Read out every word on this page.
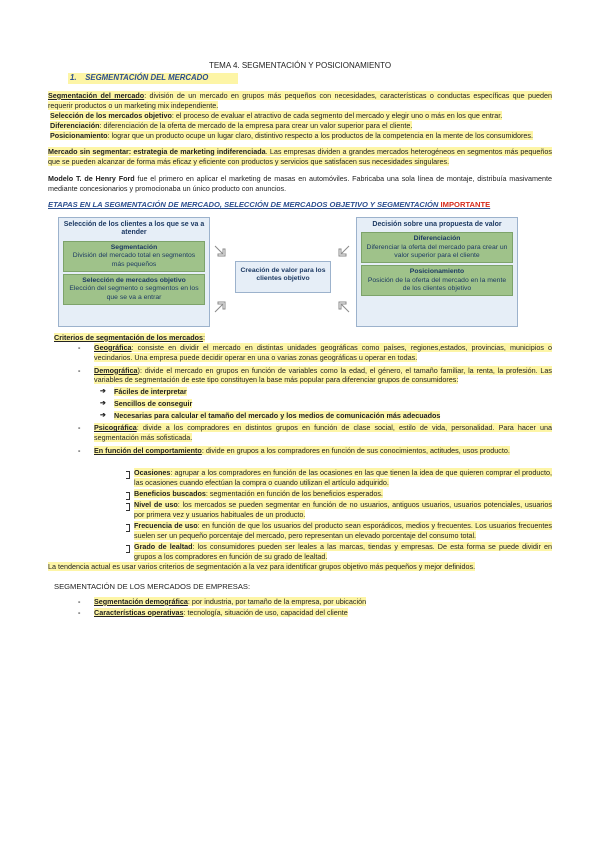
TEMA 4. SEGMENTACIÓN Y POSICIONAMIENTO
1. SEGMENTACIÓN DEL MERCADO

Segmentación del mercado: división de un mercado en grupos más pequeños con necesidades, características o conductas específicas que pueden requerir productos o un marketing mix independiente.

Selección de los mercados objetivo: el proceso de evaluar el atractivo de cada segmento del mercado y elegir uno o más en los que entrar.

Diferenciación: diferenciación de la oferta de mercado de la empresa para crear un valor superior para el cliente.

Posicionamiento: lograr que un producto ocupe un lugar claro, distintivo respecto a los productos de la competencia en la mente de los consumidores.

Mercado sin segmentar: estrategia de marketing indiferenciada. Las empresas dividen a grandes mercados heterogéneos en segmentos más pequeños que se pueden alcanzar de forma más eficaz y eficiente con productos y servicios que satisfacen sus necesidades singulares.

Modelo T. de Henry Ford fue el primero en aplicar el marketing de masas en automóviles. Fabricaba una sola línea de montaje, distribuía masivamente mediante concesionarios y promocionaba un único producto con anuncios.

ETAPAS EN LA SEGMENTACIÓN DE MERCADO, SELECCIÓN DE MERCADOS OBJETIVO Y SEGMENTACIÓN IMPORTANTE
Selección de los clientes a los que se va a atender
Segmentación
División del mercado total en segmentos más pequeños
Selección de mercados objetivo
Elección del segmento o segmentos en los que se va a entrar
Creación de valor para los clientes objetivo
Decisión sobre una propuesta de valor
Diferenciación
Diferenciar la oferta del mercado para crear un valor superior para el cliente
Posicionamiento
Posición de la oferta del mercado en la mente de los clientes objetivo
Criterios de segmentación de los mercados:
- Geográfica: consiste en dividir el mercado en distintas unidades geográficas como países, regiones,estados, provincias, municipios o vecindarios. Una empresa puede decidir operar en una o varias zonas geográficas u operar en todas.
- Demográfica): divide el mercado en grupos en función de variables como la edad, el género, el tamaño familiar, la renta, la profesión. Las variables de segmentación de este tipo constituyen la base más popular para diferenciar grupos de consumidores:
➔ Fáciles de interpretar
➔ Sencillos de conseguir
➔ Necesarias para calcular el tamaño del mercado y los medios de comunicación más adecuados
- Psicográfica: divide a los compradores en distintos grupos en función de clase social, estilo de vida, personalidad. Para hacer una segmentación más sofisticada.
- En función del comportamiento: divide en grupos a los compradores en función de sus conocimientos, actitudes, usos producto.
Ocasiones: agrupar a los compradores en función de las ocasiones en las que tienen la idea de que quieren comprar el producto, las ocasiones cuando efectúan la compra o cuando utilizan el artículo adquirido.
Beneficios buscados: segmentación en función de los beneficios esperados.
Nivel de uso: los mercados se pueden segmentar en función de no usuarios, antiguos usuarios, usuarios potenciales, usuarios por primera vez y usuarios habituales de un producto.
Frecuencia de uso: en función de que los usuarios del producto sean esporádicos, medios y frecuentes. Los usuarios frecuentes suelen ser un pequeño porcentaje del mercado, pero representan un elevado porcentaje del consumo total.
Grado de lealtad: los consumidores pueden ser leales a las marcas, tiendas y empresas. De esta forma se puede dividir en grupos a los compradores en función de su grado de lealtad.

La tendencia actual es usar varios criterios de segmentación a la vez para identificar grupos objetivo más pequeños y mejor definidos.

SEGMENTACIÓN DE LOS MERCADOS DE EMPRESAS:
- Segmentación demográfica: por industria, por tamaño de la empresa, por ubicación
- Características operativas: tecnología, situación de uso, capacidad del cliente
